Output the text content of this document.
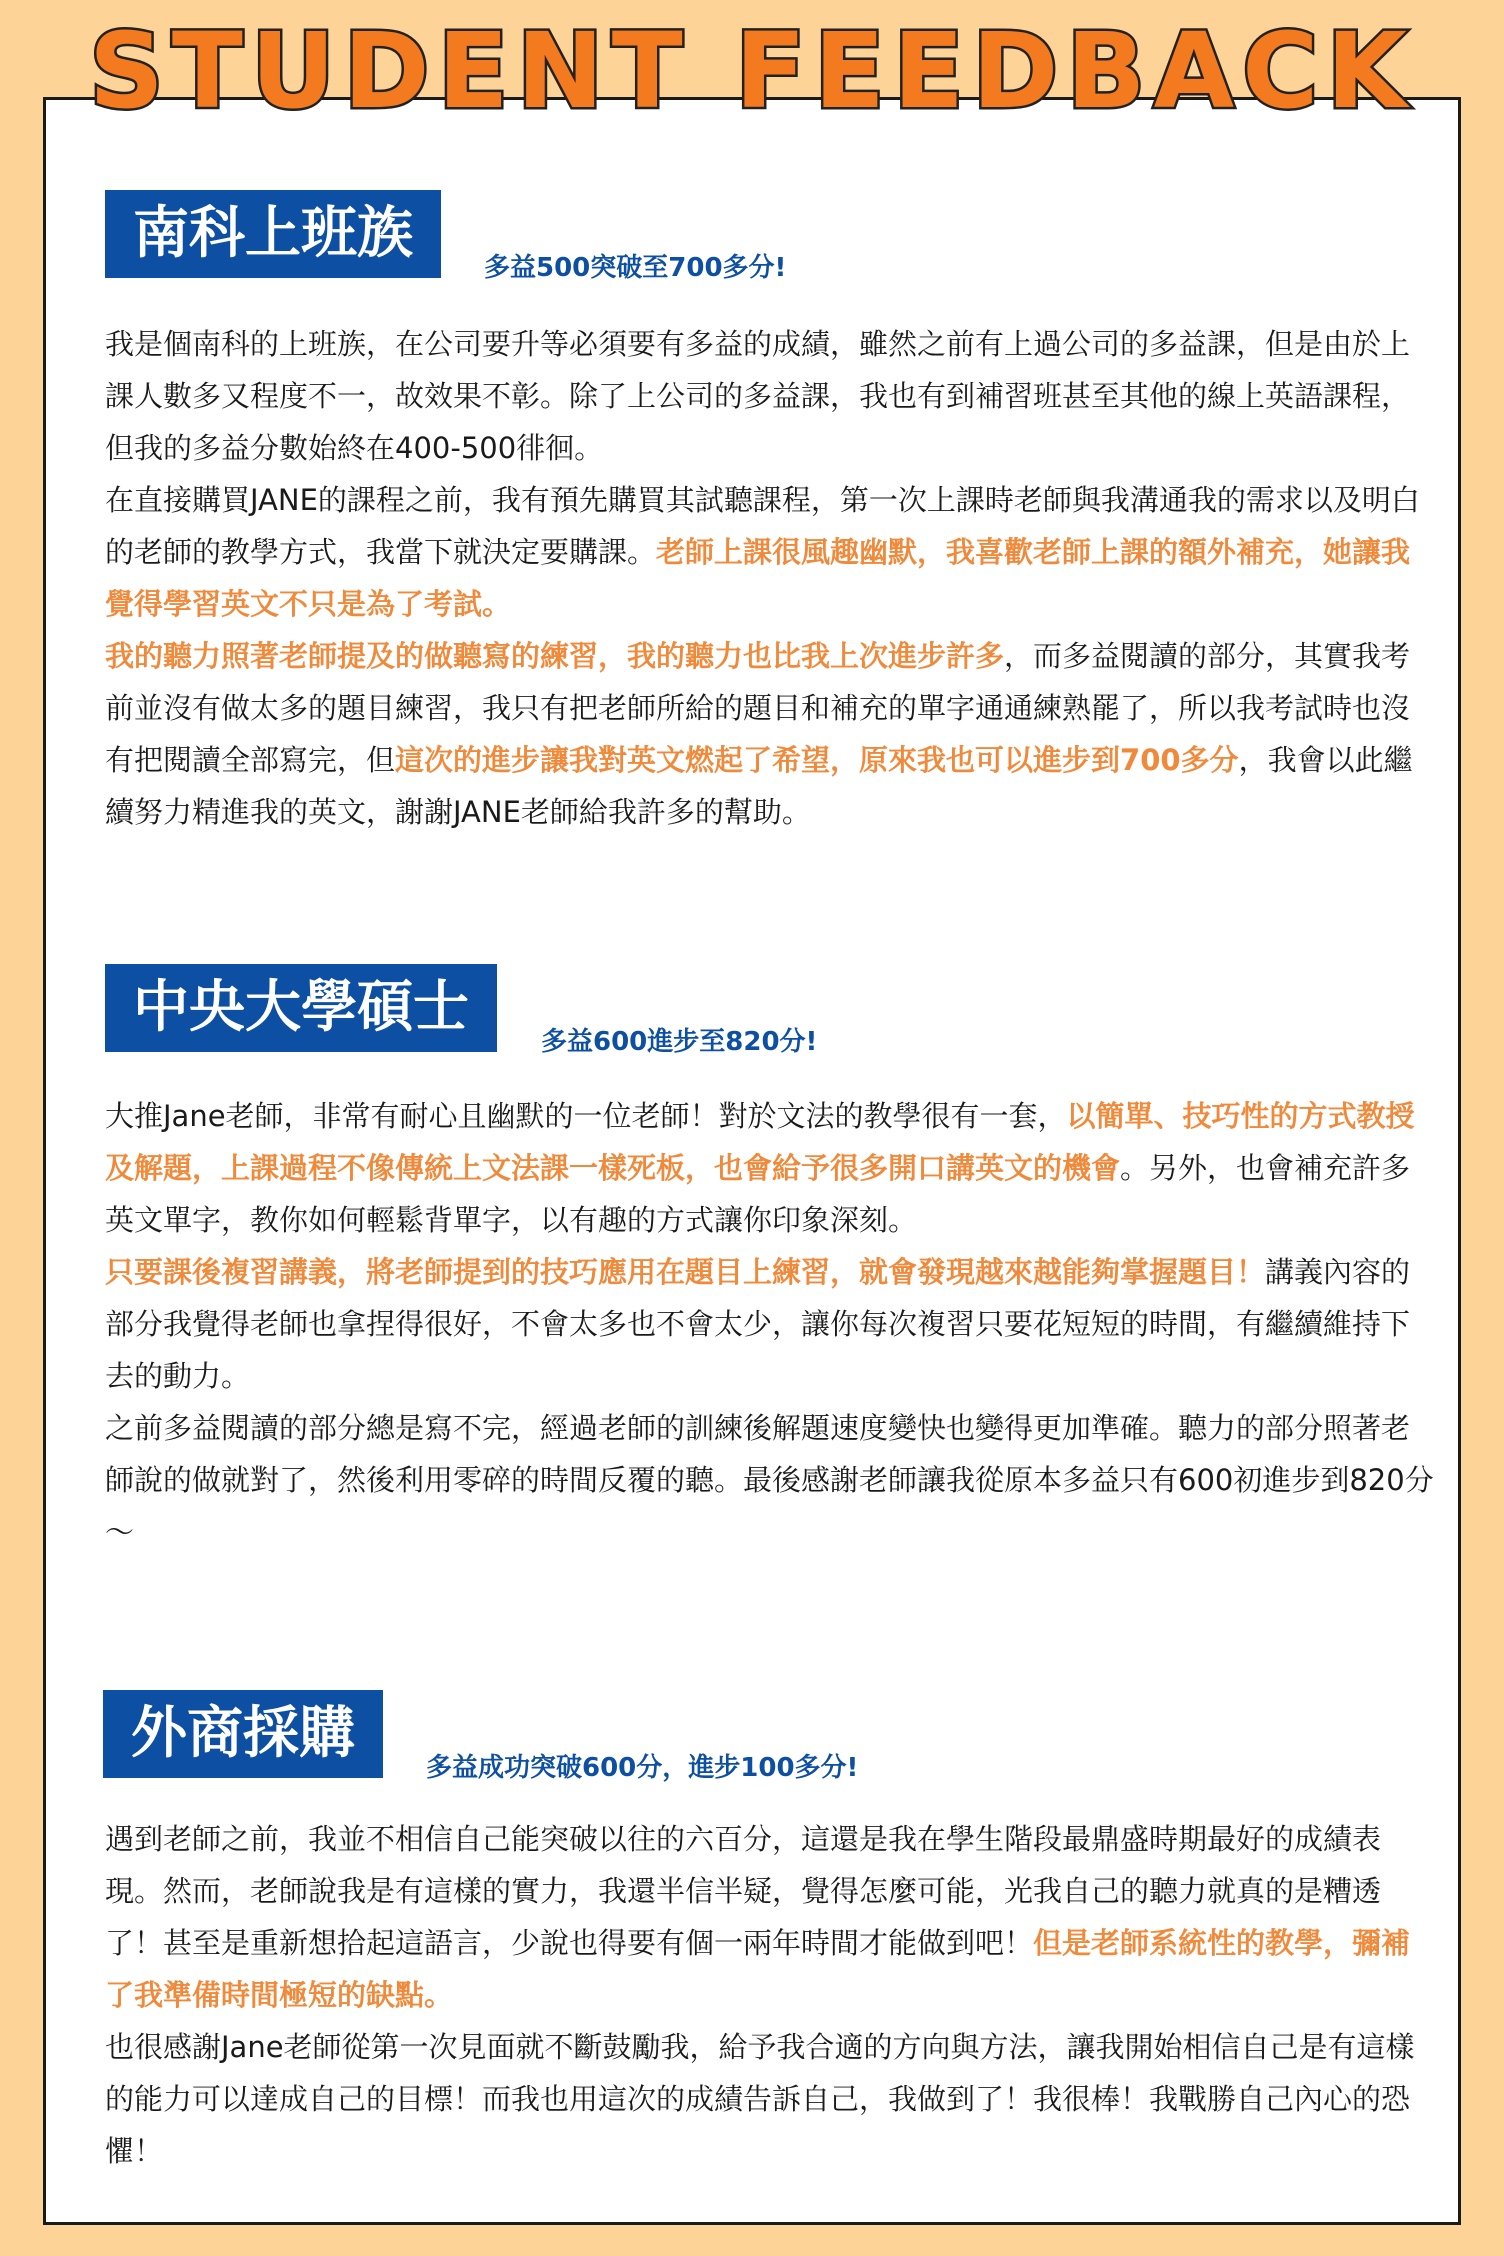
STUDENT FEEDBACK
南科上班族
多益500突破至700多分!
我是個南科的上班族，在公司要升等必須要有多益的成績，雖然之前有上過公司的多益課，但是由於上課人數多又程度不一，故效果不彰。除了上公司的多益課，我也有到補習班甚至其他的線上英語課程，但我的多益分數始終在400-500徘徊。
在直接購買JANE的課程之前，我有預先購買其試聽課程，第一次上課時老師與我溝通我的需求以及明白的老師的教學方式，我當下就決定要購課。老師上課很風趣幽默，我喜歡老師上課的額外補充，她讓我覺得學習英文不只是為了考試。
我的聽力照著老師提及的做聽寫的練習，我的聽力也比我上次進步許多，而多益閱讀的部分，其實我考前並沒有做太多的題目練習，我只有把老師所給的題目和補充的單字通通練熟罷了，所以我考試時也沒有把閱讀全部寫完，但這次的進步讓我對英文燃起了希望，原來我也可以進步到700多分，我會以此繼續努力精進我的英文，謝謝JANE老師給我許多的幫助。
中央大學碩士
多益600進步至820分!
大推Jane老師，非常有耐心且幽默的一位老師！對於文法的教學很有一套，以簡單、技巧性的方式教授及解題，上課過程不像傳統上文法課一樣死板，也會給予很多開口講英文的機會。另外，也會補充許多英文單字，教你如何輕鬆背單字，以有趣的方式讓你印象深刻。
只要課後複習講義，將老師提到的技巧應用在題目上練習，就會發現越來越能夠掌握題目！講義內容的部分我覺得老師也拿捏得很好，不會太多也不會太少，讓你每次複習只要花短短的時間，有繼續維持下去的動力。
之前多益閱讀的部分總是寫不完，經過老師的訓練後解題速度變快也變得更加準確。聽力的部分照著老師說的做就對了，然後利用零碎的時間反覆的聽。最後感謝老師讓我從原本多益只有600初進步到820分～
外商採購
多益成功突破600分，進步100多分!
遇到老師之前，我並不相信自己能突破以往的六百分，這還是我在學生階段最鼎盛時期最好的成績表現。然而，老師說我是有這樣的實力，我還半信半疑，覺得怎麼可能，光我自己的聽力就真的是糟透了！甚至是重新想拾起這語言，少說也得要有個一兩年時間才能做到吧！但是老師系統性的教學，彌補了我準備時間極短的缺點。
也很感謝Jane老師從第一次見面就不斷鼓勵我，給予我合適的方向與方法，讓我開始相信自己是有這樣的能力可以達成自己的目標！而我也用這次的成績告訴自己，我做到了！我很棒！我戰勝自己內心的恐懼！
